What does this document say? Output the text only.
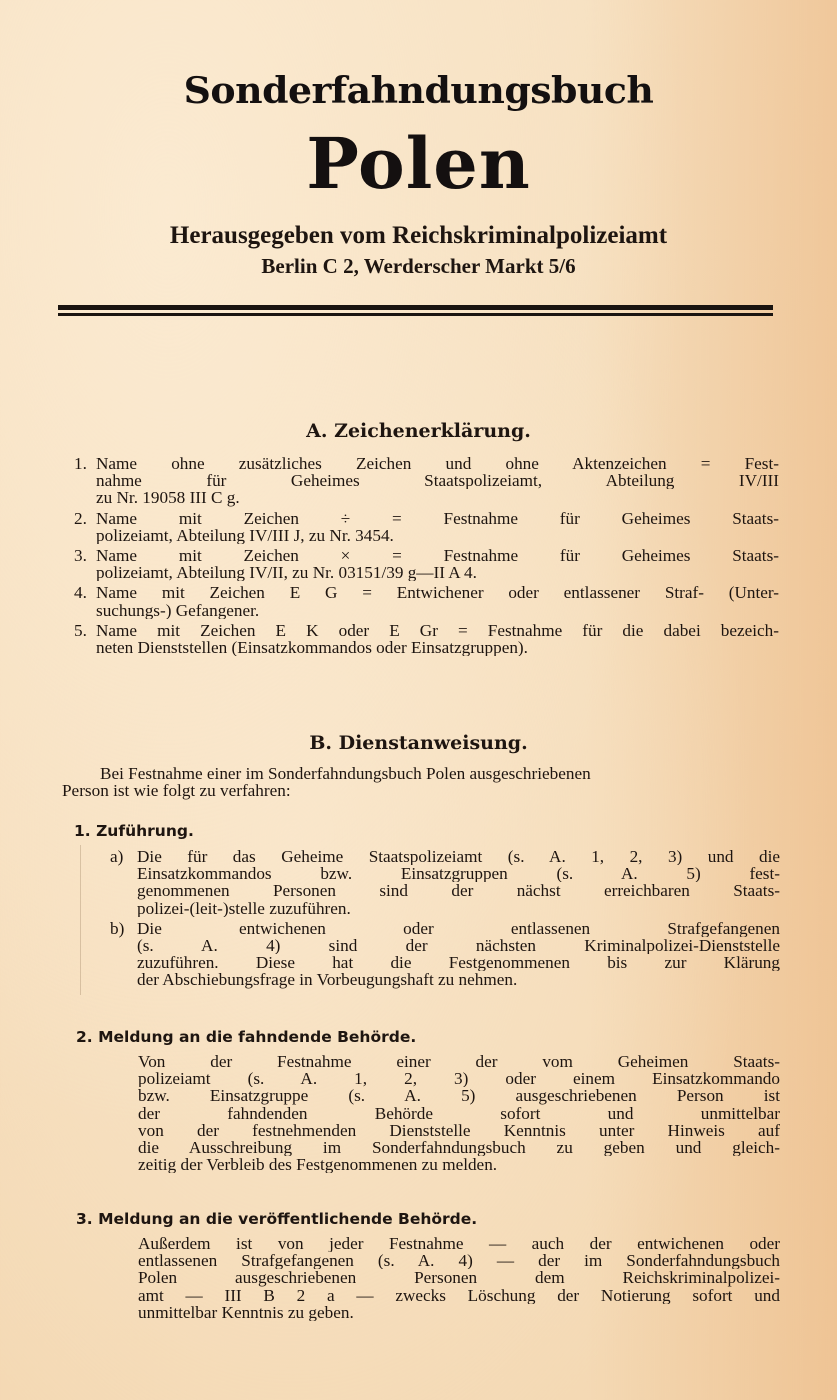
Sonderfahndungsbuch
Polen
Herausgegeben vom Reichskriminalpolizeiamt
Berlin C 2, Werderscher Markt 5/6
A. Zeichenerklärung.
1. Name ohne zusätzliches Zeichen und ohne Aktenzeichen = Fest-
nahme für Geheimes Staatspolizeiamt, Abteilung IV/III
zu Nr. 19058 III C g.
2. Name mit Zeichen ÷ = Festnahme für Geheimes Staats-
polizeiamt, Abteilung IV/III J, zu Nr. 3454.
3. Name mit Zeichen × = Festnahme für Geheimes Staats-
polizeiamt, Abteilung IV/II, zu Nr. 03151/39 g—II A 4.
4. Name mit Zeichen E G = Entwichener oder entlassener Straf- (Unter-
suchungs-) Gefangener.
5. Name mit Zeichen E K oder E Gr = Festnahme für die dabei bezeich-
neten Dienststellen (Einsatzkommandos oder Einsatzgruppen).
B. Dienstanweisung.
Bei Festnahme einer im Sonderfahndungsbuch Polen ausgeschriebenen
Person ist wie folgt zu verfahren:
1. Zuführung.
a) Die für das Geheime Staatspolizeiamt (s. A. 1, 2, 3) und die
Einsatzkommandos bzw. Einsatzgruppen (s. A. 5) fest-
genommenen Personen sind der nächst erreichbaren Staats-
polizei-(leit-)stelle zuzuführen.
b) Die entwichenen oder entlassenen Strafgefangenen
(s. A. 4) sind der nächsten Kriminalpolizei-Dienststelle
zuzuführen. Diese hat die Festgenommenen bis zur Klärung
der Abschiebungsfrage in Vorbeugungshaft zu nehmen.
2. Meldung an die fahndende Behörde.
Von der Festnahme einer der vom Geheimen Staats-
polizeiamt (s. A. 1, 2, 3) oder einem Einsatzkommando
bzw. Einsatzgruppe (s. A. 5) ausgeschriebenen Person ist
der fahndenden Behörde sofort und unmittelbar
von der festnehmenden Dienststelle Kenntnis unter Hinweis auf
die Ausschreibung im Sonderfahndungsbuch zu geben und gleich-
zeitig der Verbleib des Festgenommenen zu melden.
3. Meldung an die veröffentlichende Behörde.
Außerdem ist von jeder Festnahme — auch der entwichenen oder
entlassenen Strafgefangenen (s. A. 4) — der im Sonderfahndungsbuch
Polen ausgeschriebenen Personen dem Reichskriminalpolizei-
amt — III B 2 a — zwecks Löschung der Notierung sofort und
unmittelbar Kenntnis zu geben.
